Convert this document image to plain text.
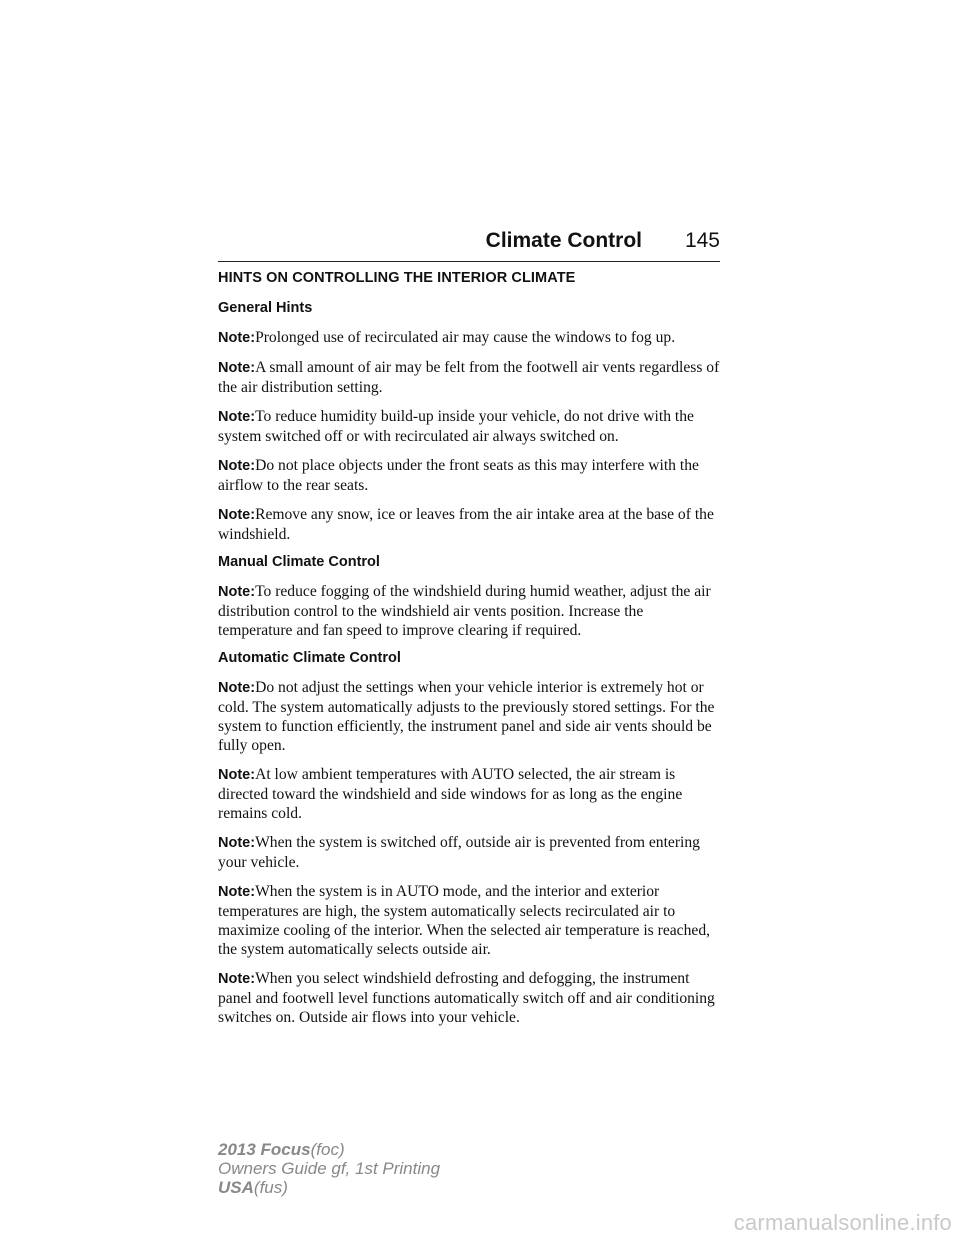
Climate Control 145
HINTS ON CONTROLLING THE INTERIOR CLIMATE
General Hints

Note:Prolonged use of recirculated air may cause the windows to fog up.

Note:A small amount of air may be felt from the footwell air vents regardless of the air distribution setting.

Note:To reduce humidity build-up inside your vehicle, do not drive with the system switched off or with recirculated air always switched on.

Note:Do not place objects under the front seats as this may interfere with the airflow to the rear seats.

Note:Remove any snow, ice or leaves from the air intake area at the base of the windshield.

Manual Climate Control

Note:To reduce fogging of the windshield during humid weather, adjust the air distribution control to the windshield air vents position. Increase the temperature and fan speed to improve clearing if required.

Automatic Climate Control

Note:Do not adjust the settings when your vehicle interior is extremely hot or cold. The system automatically adjusts to the previously stored settings. For the system to function efficiently, the instrument panel and side air vents should be fully open.

Note:At low ambient temperatures with AUTO selected, the air stream is directed toward the windshield and side windows for as long as the engine remains cold.

Note:When the system is switched off, outside air is prevented from entering your vehicle.

Note:When the system is in AUTO mode, and the interior and exterior temperatures are high, the system automatically selects recirculated air to maximize cooling of the interior. When the selected air temperature is reached, the system automatically selects outside air.

Note:When you select windshield defrosting and defogging, the instrument panel and footwell level functions automatically switch off and air conditioning switches on. Outside air flows into your vehicle.

2013 Focus(foc)
Owners Guide gf, 1st Printing
USA(fus)
carmanualsonline.info
